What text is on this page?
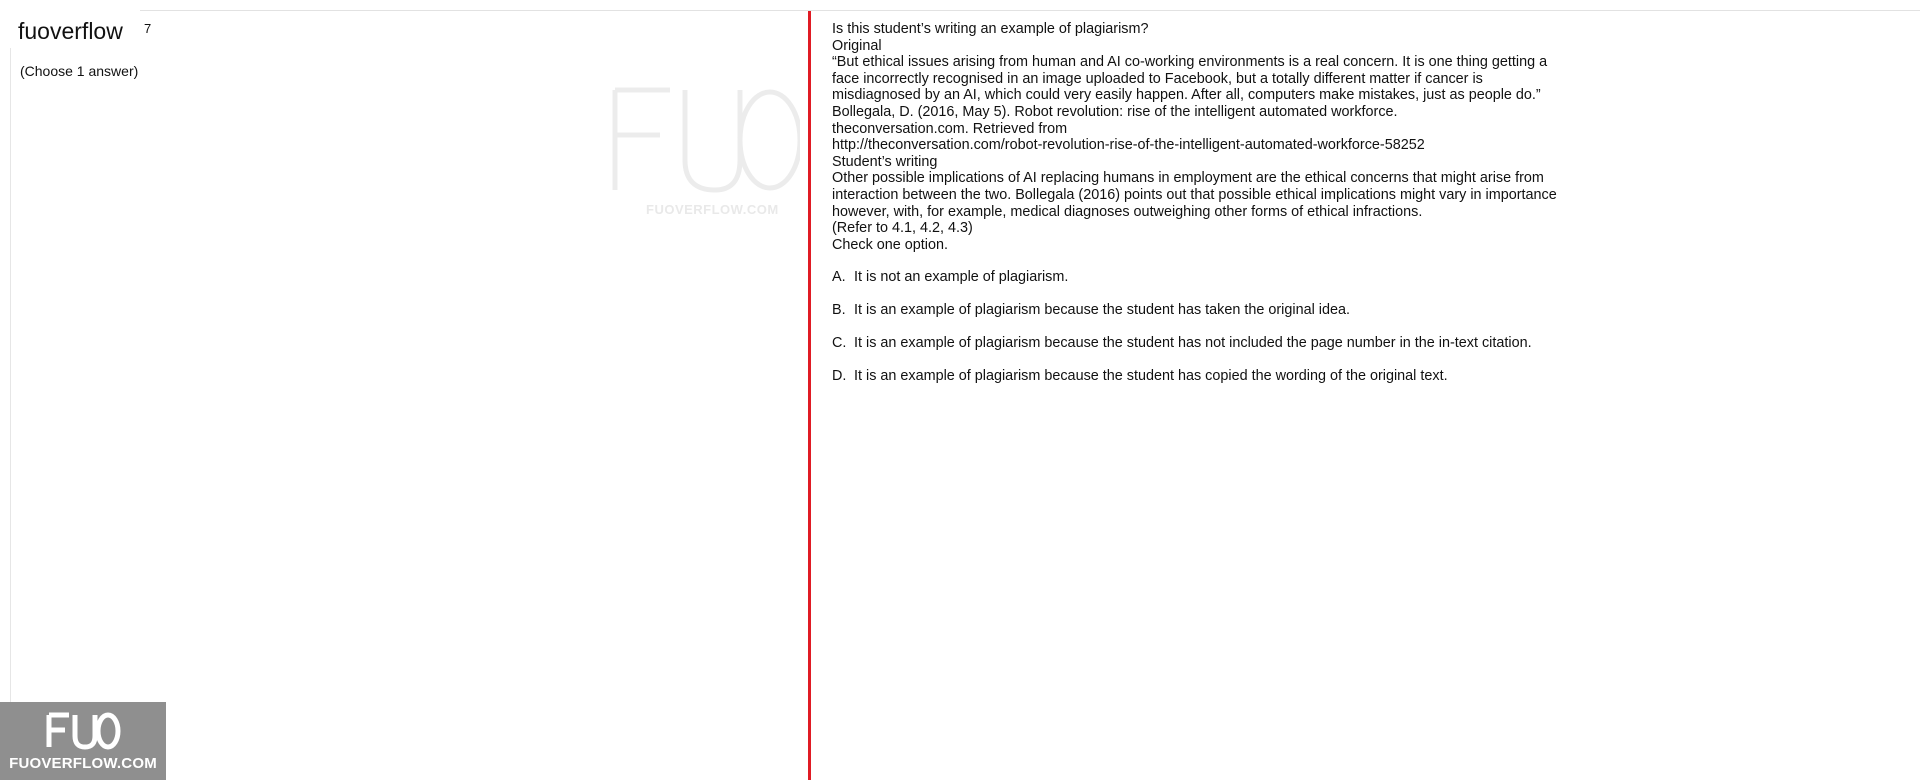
fuoverflow 7
(Choose 1 answer)
FUOVERFLOW.COM

Is this student’s writing an example of plagiarism?

Original

“But ethical issues arising from human and AI co-working environments is a real concern. It is one thing getting a face incorrectly recognised in an image uploaded to Facebook, but a totally different matter if cancer is misdiagnosed by an AI, which could very easily happen. After all, computers make mistakes, just as people do.” Bollegala, D. (2016, May 5). Robot revolution: rise of the intelligent automated workforce.

theconversation.com. Retrieved from

http://theconversation.com/robot-revolution-rise-of-the-intelligent-automated-workforce-58252

Student’s writing

Other possible implications of AI replacing humans in employment are the ethical concerns that might arise from interaction between the two. Bollegala (2016) points out that possible ethical implications might vary in importance however, with, for example, medical diagnoses outweighing other forms of ethical infractions.

(Refer to 4.1, 4.2, 4.3)

Check one option.

A. It is not an example of plagiarism.
B. It is an example of plagiarism because the student has taken the original idea.
C. It is an example of plagiarism because the student has not included the page number in the in-text citation.
D. It is an example of plagiarism because the student has copied the wording of the original text.
FUOVERFLOW.COM
